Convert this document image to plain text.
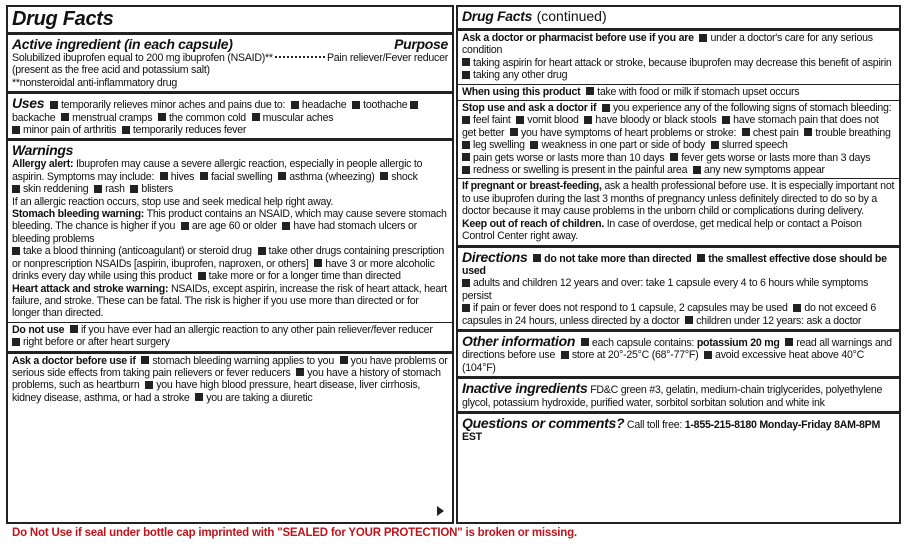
Drug Facts
Active ingredient (in each capsule)	Purpose
Solubilized ibuprofen equal to 200 mg ibuprofen (NSAID)**	Pain reliever/Fever reducer
(present as the free acid and potassium salt)
**nonsteroidal anti-inflammatory drug
Uses temporarily relieves minor aches and pains due to: headache toothache backache menstrual cramps the common cold muscular aches
minor pain of arthritis temporarily reduces fever
Warnings
Allergy alert: Ibuprofen may cause a severe allergic reaction, especially in people allergic to aspirin. Symptoms may include: hives facial swelling asthma (wheezing) shock
skin reddening rash blisters
If an allergic reaction occurs, stop use and seek medical help right away.
Stomach bleeding warning: This product contains an NSAID, which may cause severe stomach bleeding. The chance is higher if you are age 60 or older have had stomach ulcers or bleeding problems
take a blood thinning (anticoagulant) or steroid drug take other drugs containing prescription or nonprescription NSAIDs [aspirin, ibuprofen, naproxen, or others] have 3 or more alcoholic drinks every day while using this product take more or for a longer time than directed
Heart attack and stroke warning: NSAIDs, except aspirin, increase the risk of heart attack, heart failure, and stroke. These can be fatal. The risk is higher if you use more than directed or for longer than directed.
Do not use if you have ever had an allergic reaction to any other pain reliever/fever reducer
right before or after heart surgery
Ask a doctor before use if stomach bleeding warning applies to you you have problems or serious side effects from taking pain relievers or fever reducers you have a history of stomach problems, such as heartburn you have high blood pressure, heart disease, liver cirrhosis, kidney disease, asthma, or had a stroke you are taking a diuretic
Drug Facts (continued)
Ask a doctor or pharmacist before use if you are under a doctor's care for any serious condition
taking aspirin for heart attack or stroke, because ibuprofen may decrease this benefit of aspirin
taking any other drug
When using this product take with food or milk if stomach upset occurs
Stop use and ask a doctor if you experience any of the following signs of stomach bleeding:
feel faint vomit blood have bloody or black stools have stomach pain that does not get better you have symptoms of heart problems or stroke: chest pain trouble breathing
leg swelling weakness in one part or side of body slurred speech
pain gets worse or lasts more than 10 days fever gets worse or lasts more than 3 days
redness or swelling is present in the painful area any new symptoms appear
If pregnant or breast-feeding, ask a health professional before use. It is especially important not to use ibuprofen during the last 3 months of pregnancy unless definitely directed to do so by a doctor because it may cause problems in the unborn child or complications during delivery.
Keep out of reach of children. In case of overdose, get medical help or contact a Poison Control Center right away.
Directions do not take more than directed the smallest effective dose should be used
adults and children 12 years and over: take 1 capsule every 4 to 6 hours while symptoms persist
if pain or fever does not respond to 1 capsule, 2 capsules may be used do not exceed 6 capsules in 24 hours, unless directed by a doctor children under 12 years: ask a doctor
Other information each capsule contains: potassium 20 mg read all warnings and directions before use store at 20°-25°C (68°-77°F) avoid excessive heat above 40°C (104°F)
Inactive ingredients FD&C green #3, gelatin, medium-chain triglycerides, polyethylene glycol, potassium hydroxide, purified water, sorbitol sorbitan solution and white ink
Questions or comments? Call toll free: 1-855-215-8180 Monday-Friday 8AM-8PM EST
Do Not Use if seal under bottle cap imprinted with "SEALED for YOUR PROTECTION" is broken or missing.
